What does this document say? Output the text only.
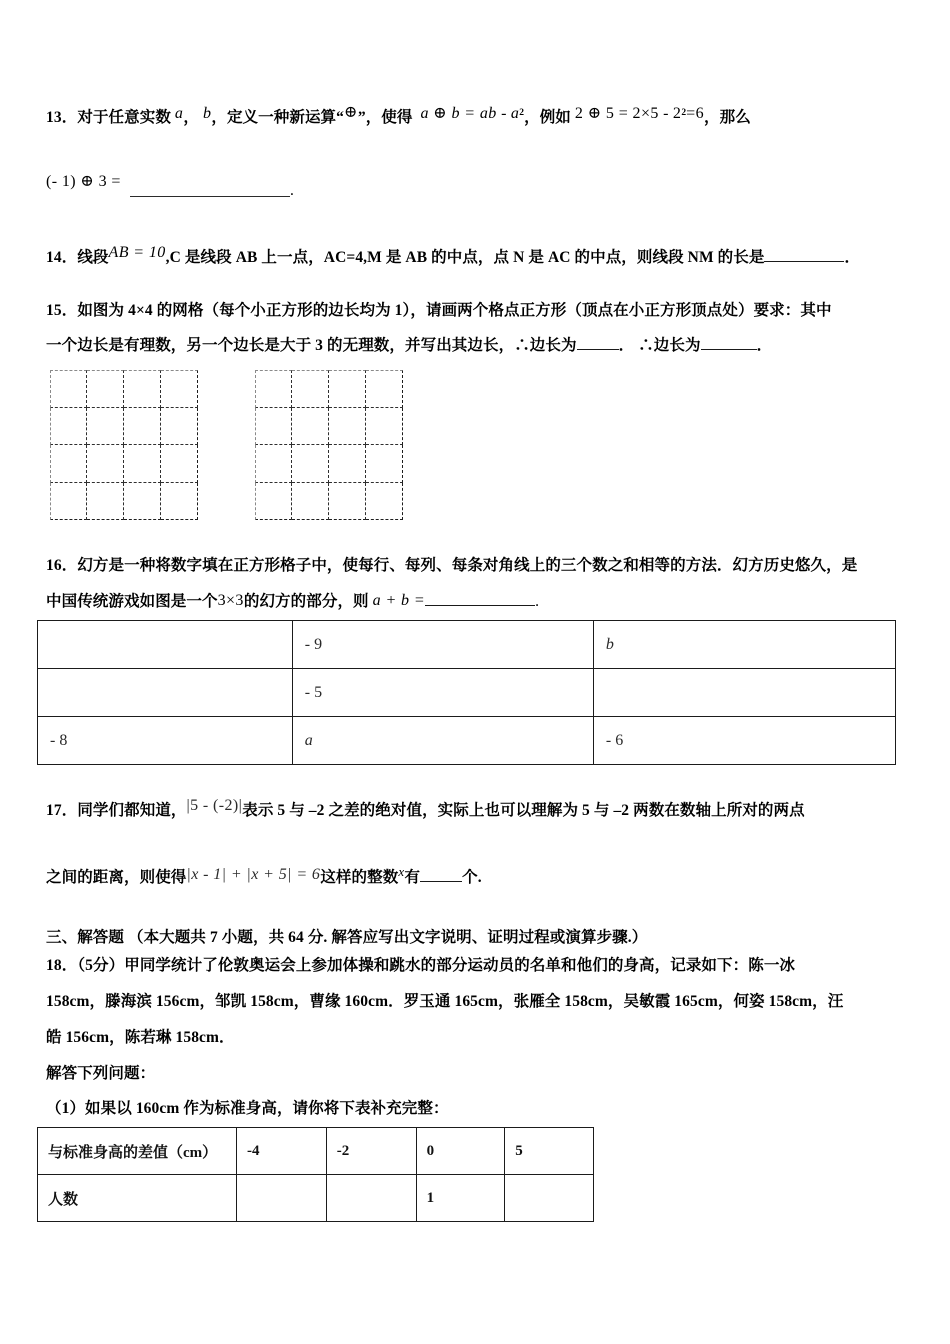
13．对于任意实数 a， b，定义一种新运算“⊕”，使得 a ⊕ b = ab - $a^2$，例如 2 ⊕ $5 = 2\times 5 - 2^2=6$，那么
(- 1) ⊕ 3 =
.
14．线段AB = 10,C 是线段 AB 上一点，AC=4,M 是 AB 的中点，点 N 是 AC 的中点，则线段 NM 的长是	．
15．如图为 4×4 的网格（每个小正方形的边长均为 1），请画两个格点正方形（顶点在小正方形顶点处）要求：其中
一个边长是有理数，另一个边长是大于 3 的无理数，并写出其边长，∴边长为	． ∴边长为	．
16．幻方是一种将数字填在正方形格子中，使每行、每列、每条对角线上的三个数之和相等的方法．幻方历史悠久，是
中国传统游戏如图是一个3×3的幻方的部分，则 a + b =	.
	- 9	b
	- 5	
- 8	a	- 6
17．同学们都知道，|5 - (-2)|表示 5 与 –2 之差的绝对值，实际上也可以理解为 5 与 –2 两数在数轴上所对的两点
之间的距离，则使得|x - 1| + |x + 5| = 6这样的整数$^x$有	个.
三、解答题 （本大题共 7 小题，共 64 分. 解答应写出文字说明、证明过程或演算步骤.）
18．（5分）甲同学统计了伦敦奥运会上参加体操和跳水的部分运动员的名单和他们的身高，记录如下：陈一冰
158cm，滕海滨 156cm，邹凯 158cm，曹缘 160cm．罗玉通 165cm，张雁全 158cm，吴敏霞 165cm，何姿 158cm，汪
皓 156cm，陈若琳 158cm．
解答下列问题：
（1）如果以 160cm 作为标准身高，请你将下表补充完整：
与标准身高的差值（cm）	-4	-2	0	5
人数			1	
